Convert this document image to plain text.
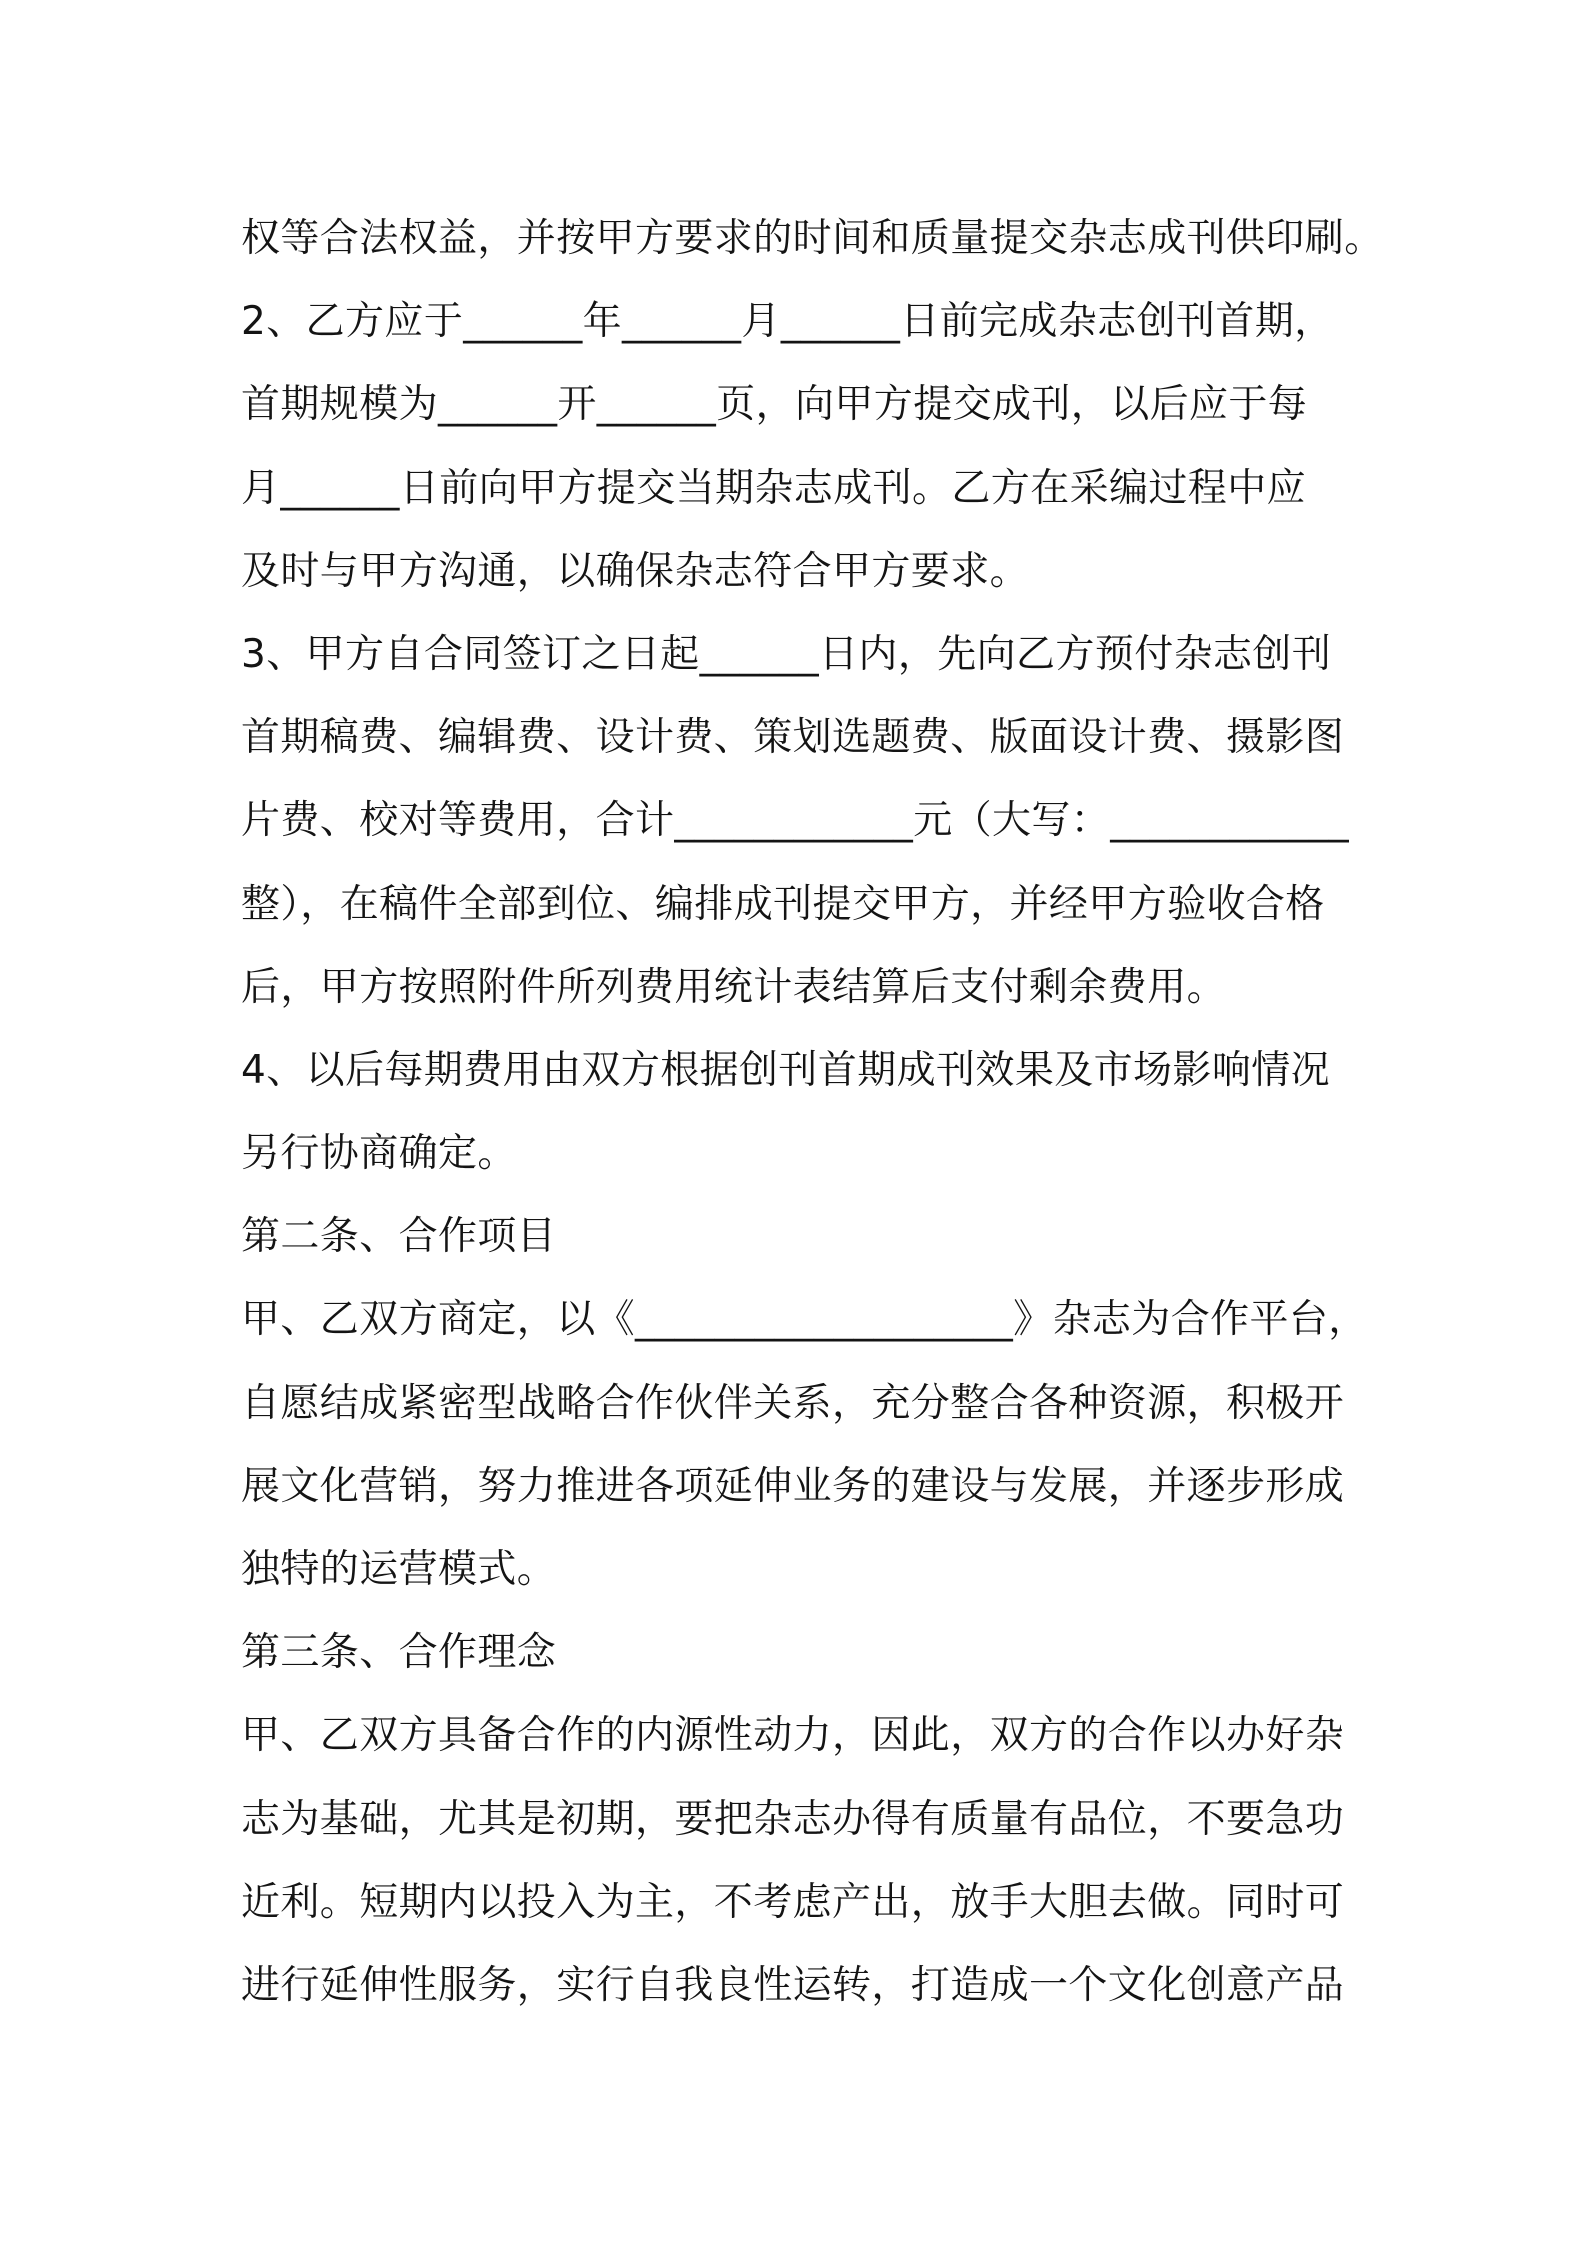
权等合法权益，并按甲方要求的时间和质量提交杂志成刊供印刷。
2、乙方应于______年______月______日前完成杂志创刊首期，
首期规模为______开______页，向甲方提交成刊，以后应于每
月______日前向甲方提交当期杂志成刊。乙方在采编过程中应
及时与甲方沟通，以确保杂志符合甲方要求。
3、甲方自合同签订之日起______日内，先向乙方预付杂志创刊
首期稿费、编辑费、设计费、策划选题费、版面设计费、摄影图
片费、校对等费用，合计____________元（大写：____________
整），在稿件全部到位、编排成刊提交甲方，并经甲方验收合格
后，甲方按照附件所列费用统计表结算后支付剩余费用。
4、以后每期费用由双方根据创刊首期成刊效果及市场影响情况
另行协商确定。
第二条、合作项目
甲、乙双方商定，以《___________________》杂志为合作平台，
自愿结成紧密型战略合作伙伴关系，充分整合各种资源，积极开
展文化营销，努力推进各项延伸业务的建设与发展，并逐步形成
独特的运营模式。
第三条、合作理念
甲、乙双方具备合作的内源性动力，因此，双方的合作以办好杂
志为基础，尤其是初期，要把杂志办得有质量有品位，不要急功
近利。短期内以投入为主，不考虑产出，放手大胆去做。同时可
进行延伸性服务，实行自我良性运转，打造成一个文化创意产品
